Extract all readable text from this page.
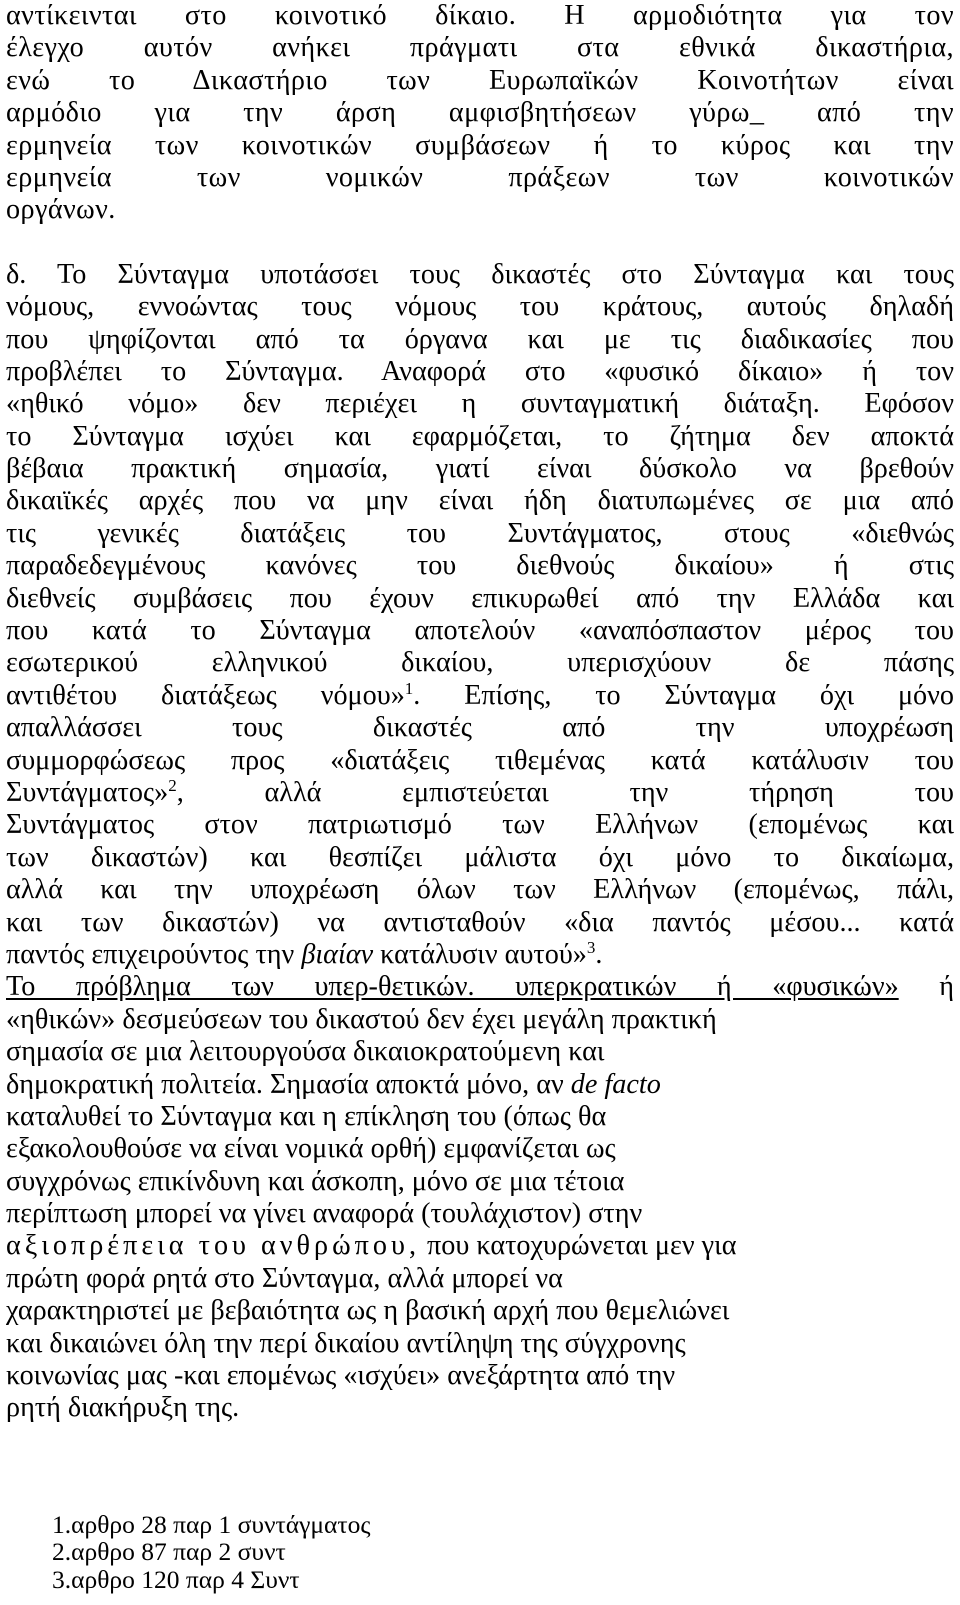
αντίκεινται στο κοινοτικό δίκαιο. Η αρμοδιότητα για τον
έλεγχο αυτόν ανήκει πράγματι στα εθνικά δικαστήρια,
ενώ το Δικαστήριο των Ευρωπαϊκών Κοινοτήτων είναι
αρμόδιο για την άρση αμφισβητήσεων γύρω_ από την
ερμηνεία των κοινοτικών συμβάσεων ή το κύρος και την
ερμηνεία των νομικών πράξεων των κοινοτικών
οργάνων.
δ. Το Σύνταγμα υποτάσσει τους δικαστές στο Σύνταγμα και τους
νόμους, εννοώντας τους νόμους του κράτους, αυτούς δηλαδή
που ψηφίζονται από τα όργανα και με τις διαδικασίες που
προβλέπει το Σύνταγμα. Αναφορά στο «φυσικό δίκαιο» ή τον
«ηθικό νόμο» δεν περιέχει η συνταγματική διάταξη. Εφόσον
το Σύνταγμα ισχύει και εφαρμόζεται, το ζήτημα δεν αποκτά
βέβαια πρακτική σημασία, γιατί είναι δύσκολο να βρεθούν
δικαιϊκές αρχές που να μην είναι ήδη διατυπωμένες σε μια από
τις γενικές διατάξεις του Συντάγματος, στους «διεθνώς
παραδεδεγμένους κανόνες του διεθνούς δικαίου» ή στις
διεθνείς συμβάσεις που έχουν επικυρωθεί από την Ελλάδα και
που κατά το Σύνταγμα αποτελούν «αναπόσπαστον μέρος του
εσωτερικού ελληνικού δικαίου, υπερισχύουν δε πάσης
αντιθέτου διατάξεως νόμου»$^1$. Επίσης, το Σύνταγμα όχι μόνο
απαλλάσσει τους δικαστές από την υποχρέωση
συμμορφώσεως προς «διατάξεις τιθεμένας κατά κατάλυσιν του
Συντάγματος»$^2$, αλλά εμπιστεύεται την τήρηση του
Συντάγματος στον πατριωτισμό των Ελλήνων (επομένως και
των δικαστών) και θεσπίζει μάλιστα όχι μόνο το δικαίωμα,
αλλά και την υποχρέωση όλων των Ελλήνων (επομένως, πάλι,
και των δικαστών) να αντισταθούν «δια παντός μέσου... κατά
παντός επιχειρούντος την βιαίαν κατάλυσιν αυτού»$^3$.
Το πρόβλημα των υπερ-θετικών. υπερκρατικών ή «φυσικών» ή
«ηθικών» δεσμεύσεων του δικαστού δεν έχει μεγάλη πρακτική
σημασία σε μια λειτουργούσα δικαιοκρατούμενη και
δημοκρατική πολιτεία. Σημασία αποκτά μόνο, αν de facto
καταλυθεί το Σύνταγμα και η επίκληση του (όπως θα
εξακολουθούσε να είναι νομικά ορθή) εμφανίζεται ως
συγχρόνως επικίνδυνη και άσκοπη, μόνο σε μια τέτοια
περίπτωση μπορεί να γίνει αναφορά (τουλάχιστον) στην
αξιοπρέπεια του ανθρώπου, που κατοχυρώνεται μεν για
πρώτη φορά ρητά στο Σύνταγμα, αλλά μπορεί να
χαρακτηριστεί με βεβαιότητα ως η βασική αρχή που θεμελιώνει
και δικαιώνει όλη την περί δικαίου αντίληψη της σύγχρονης
κοινωνίας μας -και επομένως «ισχύει» ανεξάρτητα από την
ρητή διακήρυξη της.
1.αρθρο 28 παρ 1 συντάγματος
2.αρθρο 87 παρ 2 συντ
3.αρθρο 120 παρ 4 Συντ
